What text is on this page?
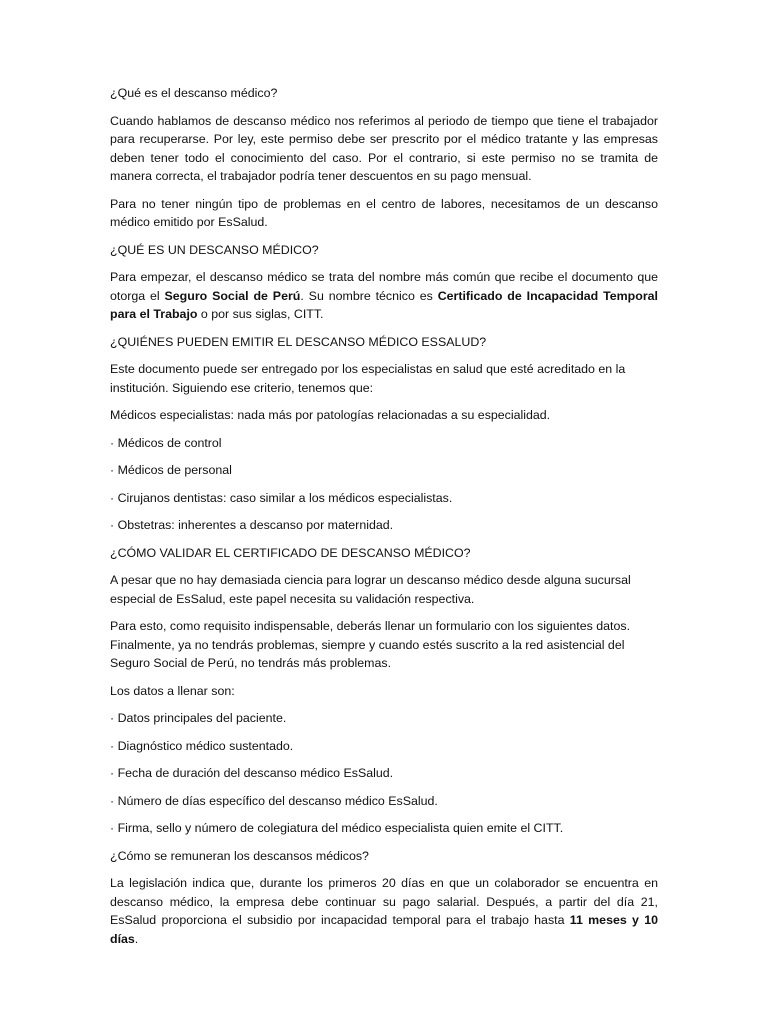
¿Qué es el descanso médico?
Cuando hablamos de descanso médico nos referimos al periodo de tiempo que tiene el trabajador para recuperarse. Por ley, este permiso debe ser prescrito por el médico tratante y las empresas deben tener todo el conocimiento del caso. Por el contrario, si este permiso no se tramita de manera correcta, el trabajador podría tener descuentos en su pago mensual.
Para no tener ningún tipo de problemas en el centro de labores, necesitamos de un descanso médico emitido por EsSalud.
¿QUÉ ES UN DESCANSO MÉDICO?
Para empezar, el descanso médico se trata del nombre más común que recibe el documento que otorga el Seguro Social de Perú. Su nombre técnico es Certificado de Incapacidad Temporal para el Trabajo o por sus siglas, CITT.
¿QUIÉNES PUEDEN EMITIR EL DESCANSO MÉDICO ESSALUD?
Este documento puede ser entregado por los especialistas en salud que esté acreditado en la institución. Siguiendo ese criterio, tenemos que:
Médicos especialistas: nada más por patologías relacionadas a su especialidad.
· Médicos de control
· Médicos de personal
· Cirujanos dentistas: caso similar a los médicos especialistas.
· Obstetras: inherentes a descanso por maternidad.
¿CÓMO VALIDAR EL CERTIFICADO DE DESCANSO MÉDICO?
A pesar que no hay demasiada ciencia para lograr un descanso médico desde alguna sucursal especial de EsSalud, este papel necesita su validación respectiva.
Para esto, como requisito indispensable, deberás llenar un formulario con los siguientes datos. Finalmente, ya no tendrás problemas, siempre y cuando estés suscrito a la red asistencial del Seguro Social de Perú, no tendrás más problemas.
Los datos a llenar son:
· Datos principales del paciente.
· Diagnóstico médico sustentado.
· Fecha de duración del descanso médico EsSalud.
· Número de días específico del descanso médico EsSalud.
· Firma, sello y número de colegiatura del médico especialista quien emite el CITT.
¿Cómo se remuneran los descansos médicos?
La legislación indica que, durante los primeros 20 días en que un colaborador se encuentra en descanso médico, la empresa debe continuar su pago salarial. Después, a partir del día 21, EsSalud proporciona el subsidio por incapacidad temporal para el trabajo hasta 11 meses y 10 días.
